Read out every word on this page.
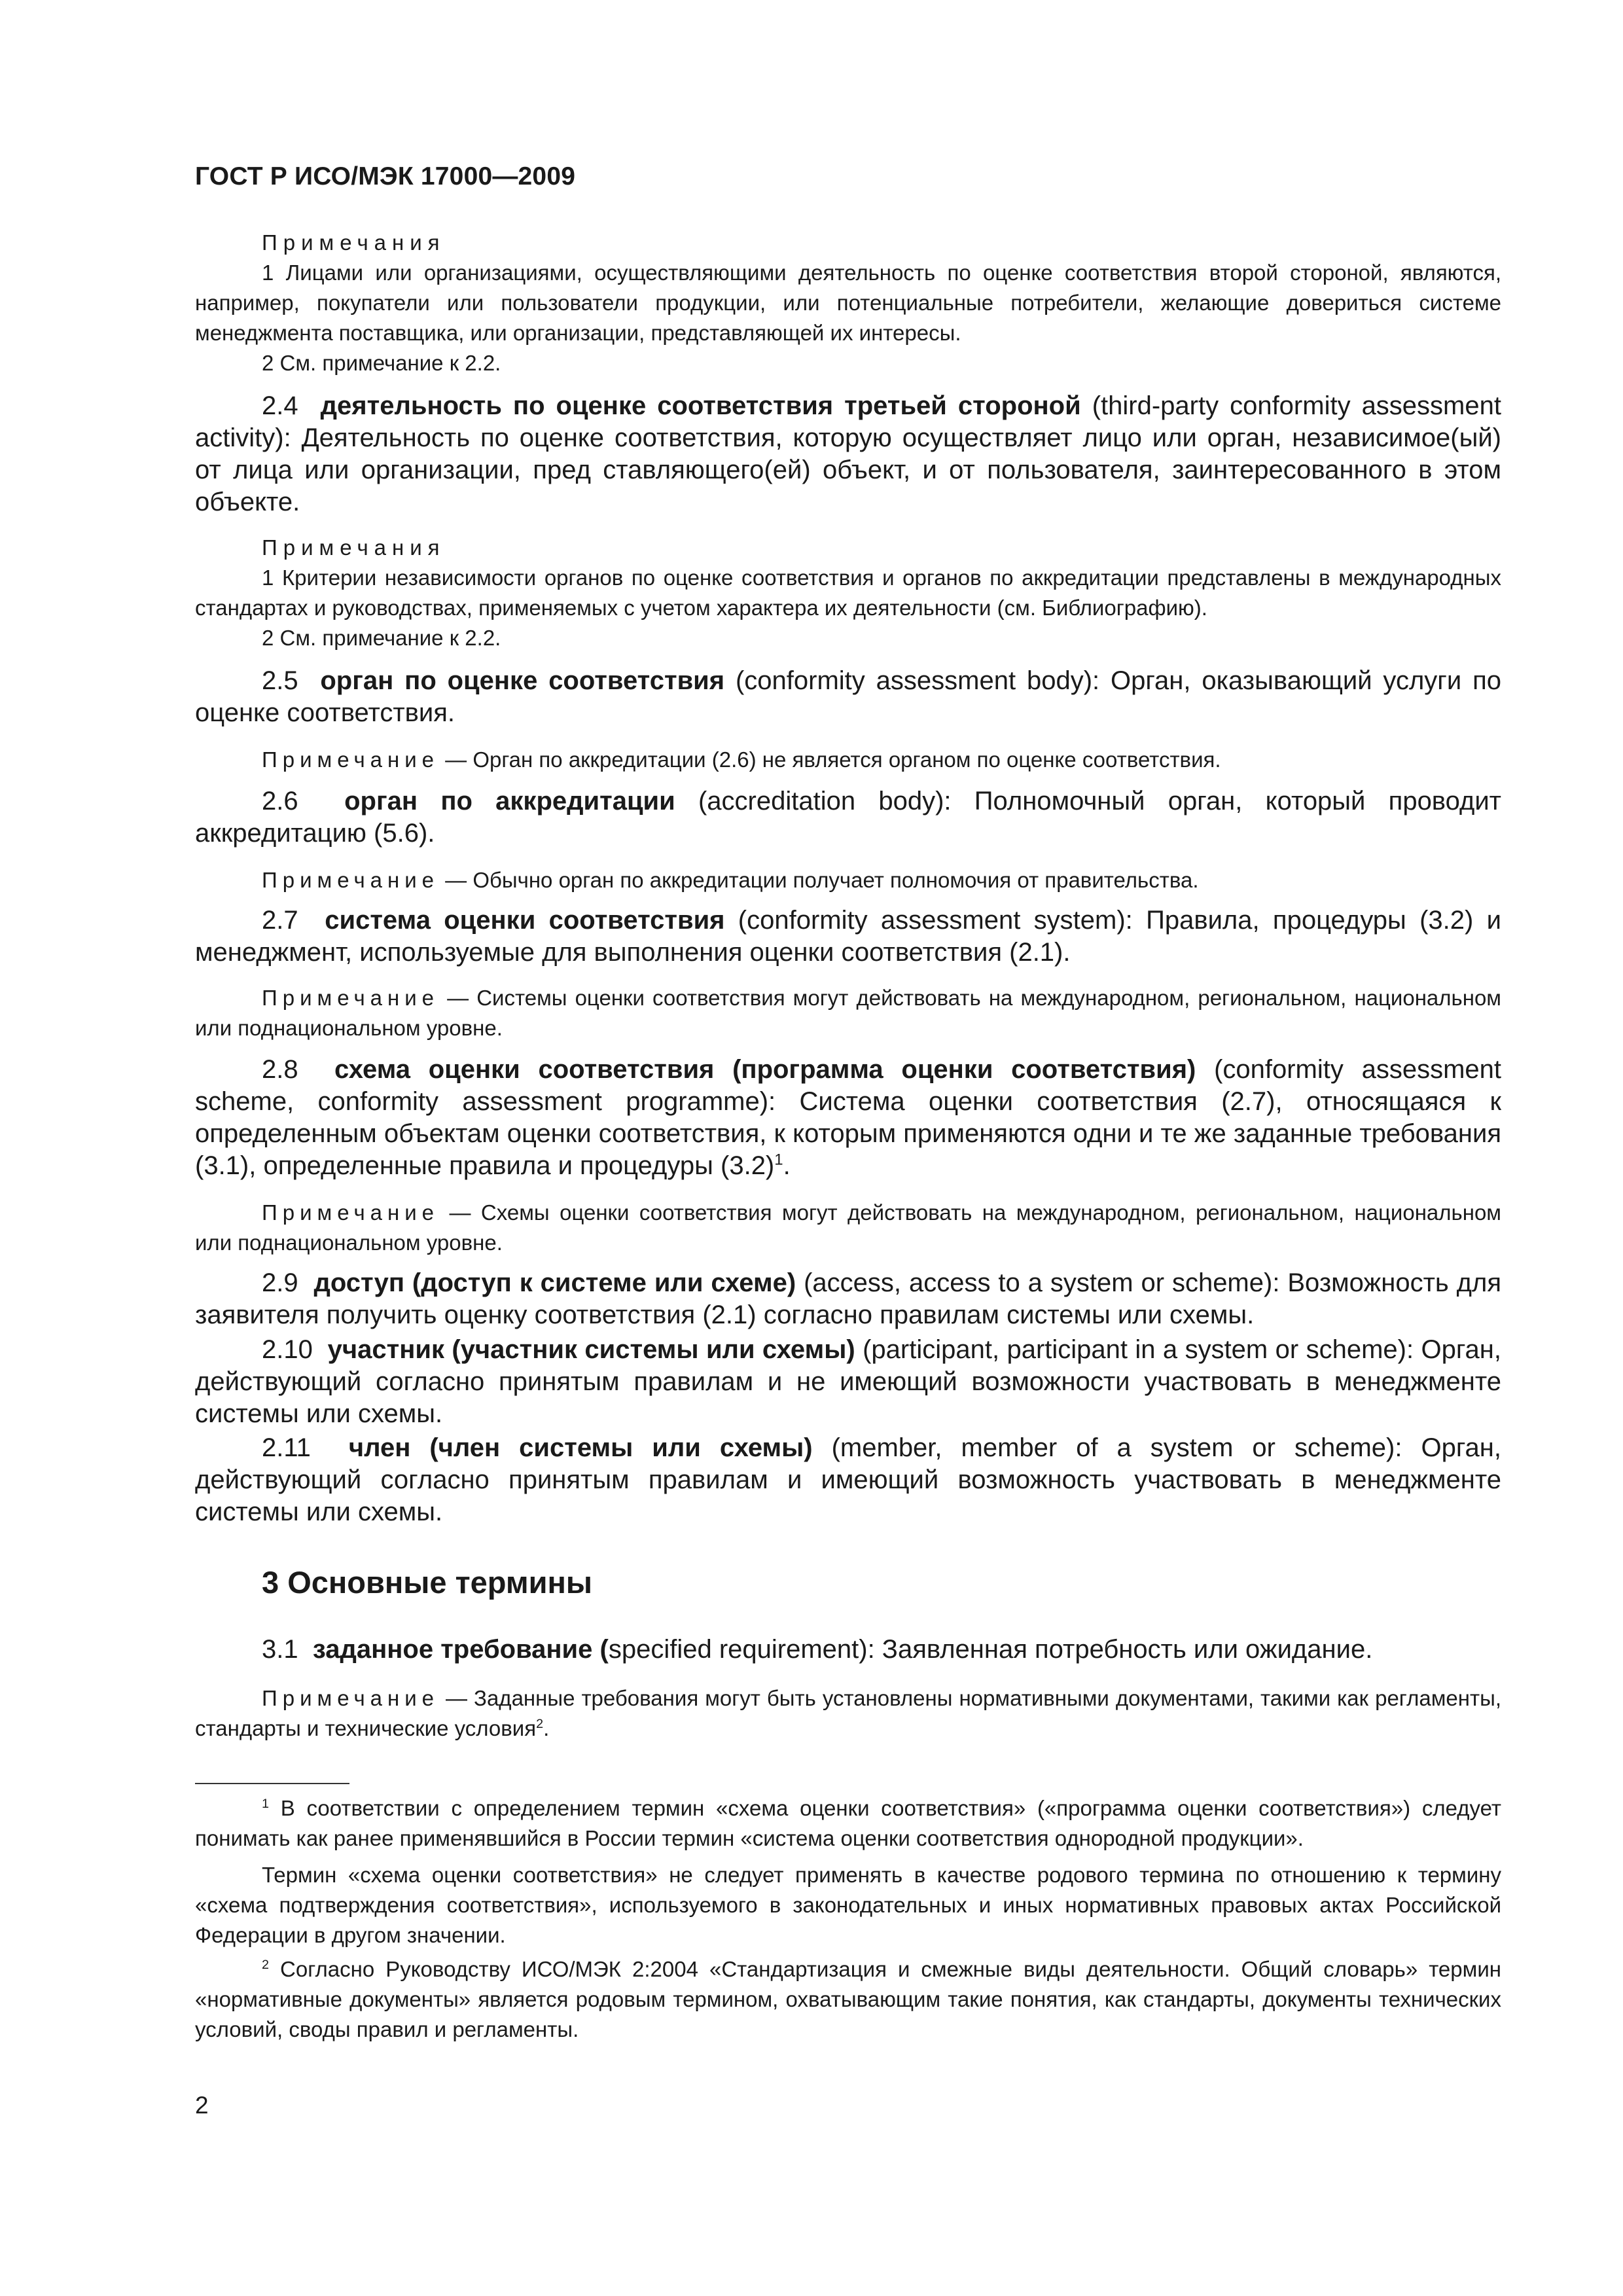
ГОСТ Р ИСО/МЭК 17000—2009

Примечания

1 Лицами или организациями, осуществляющими деятельность по оценке соответствия второй стороной, являются, например, покупатели или пользователи продукции, или потенциальные потребители, желающие довериться системе менеджмента поставщика, или организации, представляющей их интересы.

2 См. примечание к 2.2.

2.4 деятельность по оценке соответствия третьей стороной (third-party conformity assessment activity): Деятельность по оценке соответствия, которую осуществляет лицо или орган, независимое(ый) от лица или организации, пред ставляющего(ей) объект, и от пользователя, заинтересованного в этом объекте.

Примечания

1 Критерии независимости органов по оценке соответствия и органов по аккредитации представлены в международных стандартах и руководствах, применяемых с учетом характера их деятельности (см. Библиографию).

2 См. примечание к 2.2.

2.5 орган по оценке соответствия (conformity assessment body): Орган, оказывающий услуги по оценке соответствия.

Примечание — Орган по аккредитации (2.6) не является органом по оценке соответствия.

2.6 орган по аккредитации (accreditation body): Полномочный орган, который проводит аккредитацию (5.6).

Примечание — Обычно орган по аккредитации получает полномочия от правительства.

2.7 система оценки соответствия (conformity assessment system): Правила, процедуры (3.2) и менеджмент, используемые для выполнения оценки соответствия (2.1).

Примечание — Системы оценки соответствия могут действовать на международном, региональном, национальном или поднациональном уровне.

2.8 схема оценки соответствия (программа оценки соответствия) (conformity assessment scheme, conformity assessment programme): Система оценки соответствия (2.7), относящаяся к определенным объектам оценки соответствия, к которым применяются одни и те же заданные требования (3.1), определенные правила и процедуры $(3.2)^1$.

Примечание — Схемы оценки соответствия могут действовать на международном, региональном, национальном или поднациональном уровне.

2.9 доступ (доступ к системе или схеме) (access, access to a system or scheme): Возможность для заявителя получить оценку соответствия (2.1) согласно правилам системы или схемы.

2.10 участник (участник системы или схемы) (participant, participant in a system or scheme): Орган, действующий согласно принятым правилам и не имеющий возможности участвовать в менеджменте системы или схемы.

2.11 член (член системы или схемы) (member, member of a system or scheme): Орган, действующий согласно принятым правилам и имеющий возможность участвовать в менеджменте системы или схемы.

3 Основные термины

3.1 заданное требование (specified requirement): Заявленная потребность или ожидание.

Примечание — Заданные требования могут быть установлены нормативными документами, такими как регламенты, стандарты и технические условия$^2$.

$^1$ В соответствии с определением термин «схема оценки соответствия» («программа оценки соответствия») следует понимать как ранее применявшийся в России термин «система оценки соответствия однородной продукции».

Термин «схема оценки соответствия» не следует применять в качестве родового термина по отношению к термину «схема подтверждения соответствия», используемого в законодательных и иных нормативных правовых актах Российской Федерации в другом значении.

$^2$ Согласно Руководству ИСО/МЭК 2:2004 «Стандартизация и смежные виды деятельности. Общий словарь» термин «нормативные документы» является родовым термином, охватывающим такие понятия, как стандарты, документы технических условий, своды правил и регламенты.

2
